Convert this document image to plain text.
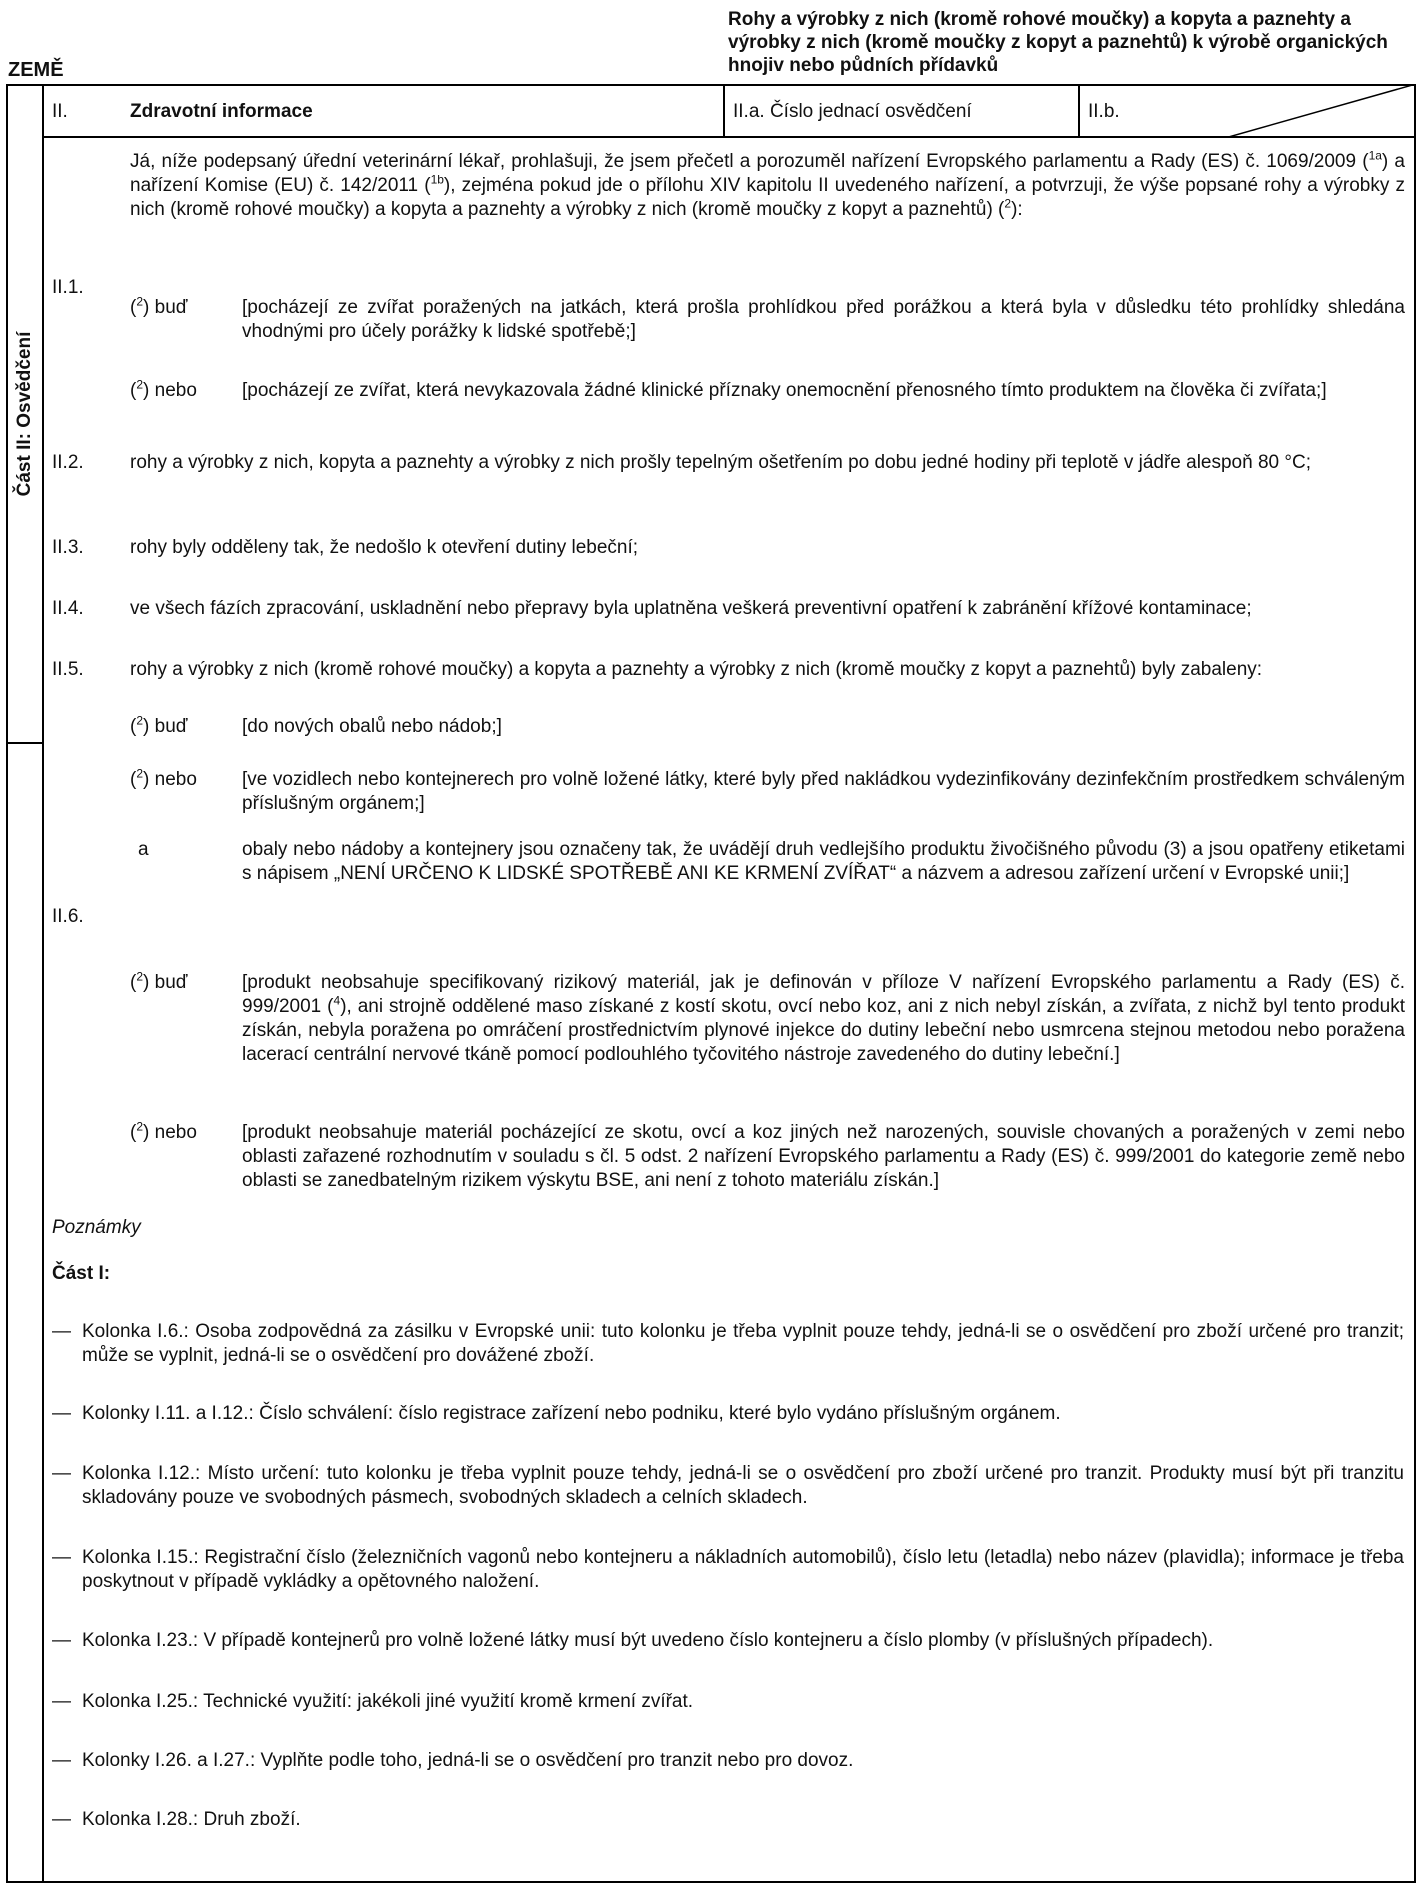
ZEMĚ
Rohy a výrobky z nich (kromě rohové moučky) a kopyta a paznehty a výrobky z nich (kromě moučky z kopyt a paznehtů) k výrobě organických hnojiv nebo půdních přídavků
Část II: Osvědčení
II.	Zdravotní informace	II.a. Číslo jednací osvědčení	II.b.
Já, níže podepsaný úřední veterinární lékař, prohlašuji, že jsem přečetl a porozuměl nařízení Evropského parlamentu a Rady (ES) č. 1069/2009 ($^{1a}$) a nařízení Komise (EU) č. 142/2011 ($^{1b}$), zejména pokud jde o přílohu XIV kapitolu II uvedeného nařízení, a potvrzuji, že výše popsané rohy a výrobky z nich (kromě rohové moučky) a kopyta a paznehty a výrobky z nich (kromě moučky z kopyt a paznehtů) ($^2$):
II.1.
($^2$) buď	[pocházejí ze zvířat poražených na jatkách, která prošla prohlídkou před porážkou a která byla v důsledku této prohlídky shledána vhodnými pro účely porážky k lidské spotřebě;]
($^2$) nebo [pocházejí ze zvířat, která nevykazovala žádné klinické příznaky onemocnění přenosného tímto produktem na člověka či zvířata;]
II.2. rohy a výrobky z nich, kopyta a paznehty a výrobky z nich prošly tepelným ošetřením po dobu jedné hodiny při teplotě v jádře alespoň 80 °C;
II.3. rohy byly odděleny tak, že nedošlo k otevření dutiny lebeční;
II.4. ve všech fázích zpracování, uskladnění nebo přepravy byla uplatněna veškerá preventivní opatření k zabránění křížové kontaminace;
II.5. rohy a výrobky z nich (kromě rohové moučky) a kopyta a paznehty a výrobky z nich (kromě moučky z kopyt a paznehtů) byly zabaleny:
($^2$) buď	[do nových obalů nebo nádob;]
($^2$) nebo [ve vozidlech nebo kontejnerech pro volně ložené látky, které byly před nakládkou vydezinfikovány dezinfekčním prostředkem schváleným příslušným orgánem;]
a	obaly nebo nádoby a kontejnery jsou označeny tak, že uvádějí druh vedlejšího produktu živočišného původu (3) a jsou opatřeny etiketami s nápisem „NENÍ URČENO K LIDSKÉ SPOTŘEBĚ ANI KE KRMENÍ ZVÍŘAT“ a názvem a adresou zařízení určení v Evropské unii;]
II.6.
($^2$) buď	[produkt neobsahuje specifikovaný rizikový materiál, jak je definován v příloze V nařízení Evropského parlamentu a Rady (ES) č. 999/2001 ($^4$), ani strojně oddělené maso získané z kostí skotu, ovcí nebo koz, ani z nich nebyl získán, a zvířata, z nichž byl tento produkt získán, nebyla poražena po omráčení prostřednictvím plynové injekce do dutiny lebeční nebo usmrcena stejnou metodou nebo poražena lacerací centrální nervové tkáně pomocí podlouhlého tyčovitého nástroje zavedeného do dutiny lebeční.]
($^2$) nebo [produkt neobsahuje materiál pocházející ze skotu, ovcí a koz jiných než narozených, souvisle chovaných a poražených v zemi nebo oblasti zařazené rozhodnutím v souladu s čl. 5 odst. 2 nařízení Evropského parlamentu a Rady (ES) č. 999/2001 do kategorie země nebo oblasti se zanedbatelným rizikem výskytu BSE, ani není z tohoto materiálu získán.]
Poznámky
Část I:
— Kolonka I.6.: Osoba zodpovědná za zásilku v Evropské unii: tuto kolonku je třeba vyplnit pouze tehdy, jedná-li se o osvědčení pro zboží určené pro tranzit; může se vyplnit, jedná-li se o osvědčení pro dovážené zboží.
— Kolonky I.11. a I.12.: Číslo schválení: číslo registrace zařízení nebo podniku, které bylo vydáno příslušným orgánem.
— Kolonka I.12.: Místo určení: tuto kolonku je třeba vyplnit pouze tehdy, jedná-li se o osvědčení pro zboží určené pro tranzit. Produkty musí být při tranzitu skladovány pouze ve svobodných pásmech, svobodných skladech a celních skladech.
— Kolonka I.15.: Registrační číslo (železničních vagonů nebo kontejneru a nákladních automobilů), číslo letu (letadla) nebo název (plavidla); informace je třeba poskytnout v případě vykládky a opětovného naložení.
— Kolonka I.23.: V případě kontejnerů pro volně ložené látky musí být uvedeno číslo kontejneru a číslo plomby (v příslušných případech).
— Kolonka I.25.: Technické využití: jakékoli jiné využití kromě krmení zvířat.
— Kolonky I.26. a I.27.: Vyplňte podle toho, jedná-li se o osvědčení pro tranzit nebo pro dovoz.
— Kolonka I.28.: Druh zboží.
